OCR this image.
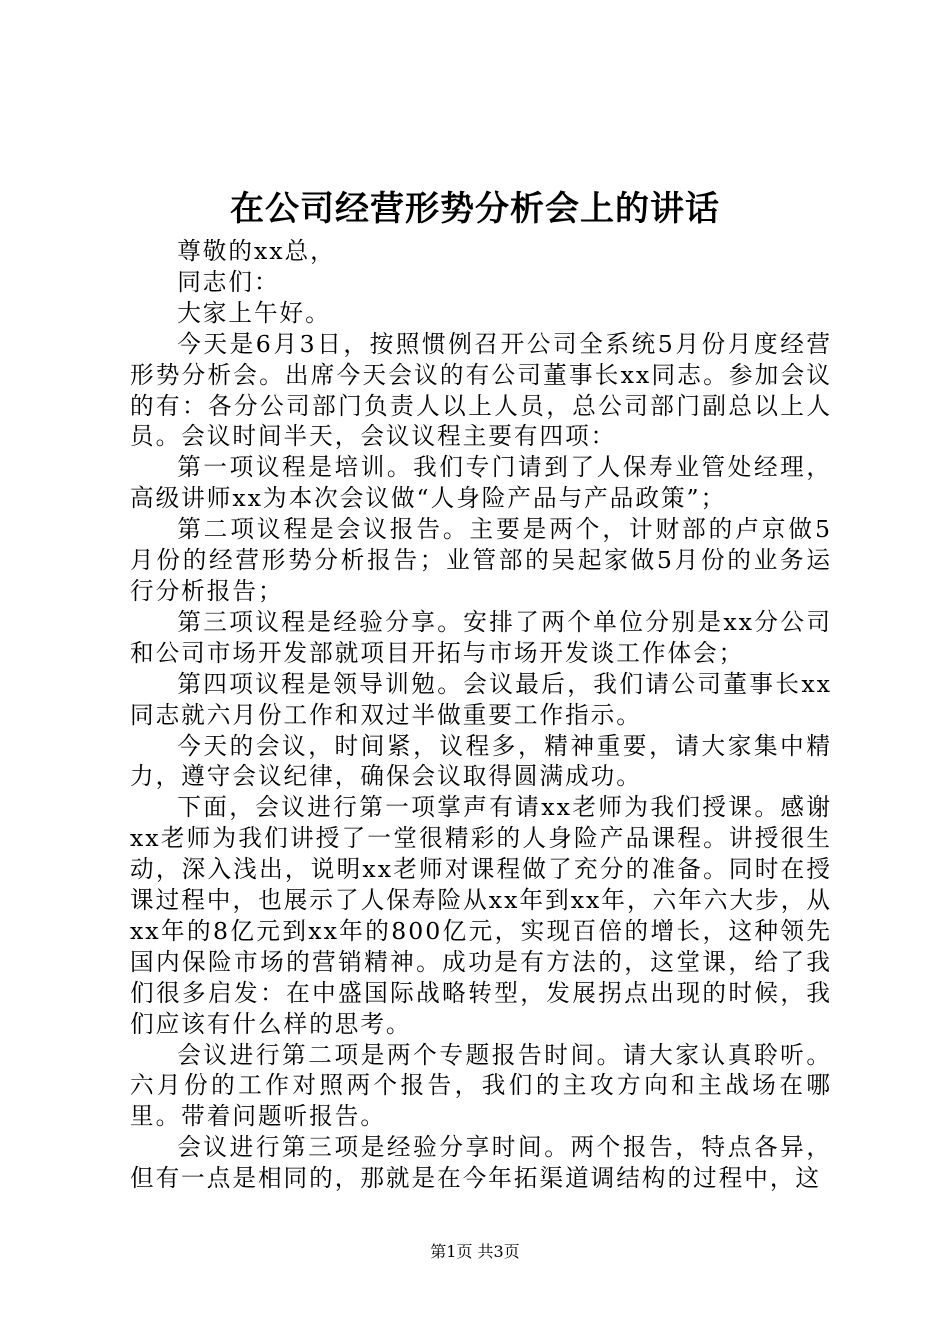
在公司经营形势分析会上的讲话

尊敬的xx总，

同志们：

大家上午好。

今天是6月3日，按照惯例召开公司全系统5月份月度经营形势分析会。出席今天会议的有公司董事长xx同志。参加会议的有：各分公司部门负责人以上人员，总公司部门副总以上人员。会议时间半天，会议议程主要有四项：

第一项议程是培训。我们专门请到了人保寿业管处经理，高级讲师xx为本次会议做“人身险产品与产品政策”；

第二项议程是会议报告。主要是两个，计财部的卢京做5月份的经营形势分析报告；业管部的吴起家做5月份的业务运行分析报告；

第三项议程是经验分享。安排了两个单位分别是xx分公司和公司市场开发部就项目开拓与市场开发谈工作体会；

第四项议程是领导训勉。会议最后，我们请公司董事长xx同志就六月份工作和双过半做重要工作指示。

今天的会议，时间紧，议程多，精神重要，请大家集中精力，遵守会议纪律，确保会议取得圆满成功。

下面，会议进行第一项掌声有请xx老师为我们授课。感谢xx老师为我们讲授了一堂很精彩的人身险产品课程。讲授很生动，深入浅出，说明xx老师对课程做了充分的准备。同时在授课过程中，也展示了人保寿险从xx年到xx年，六年六大步，从xx年的8亿元到xx年的800亿元，实现百倍的增长，这种领先国内保险市场的营销精神。成功是有方法的，这堂课，给了我们很多启发：在中盛国际战略转型，发展拐点出现的时候，我们应该有什么样的思考。

会议进行第二项是两个专题报告时间。请大家认真聆听。六月份的工作对照两个报告，我们的主攻方向和主战场在哪里。带着问题听报告。

会议进行第三项是经验分享时间。两个报告，特点各异，但有一点是相同的，那就是在今年拓渠道调结构的过程中，这

第1页 共3页
